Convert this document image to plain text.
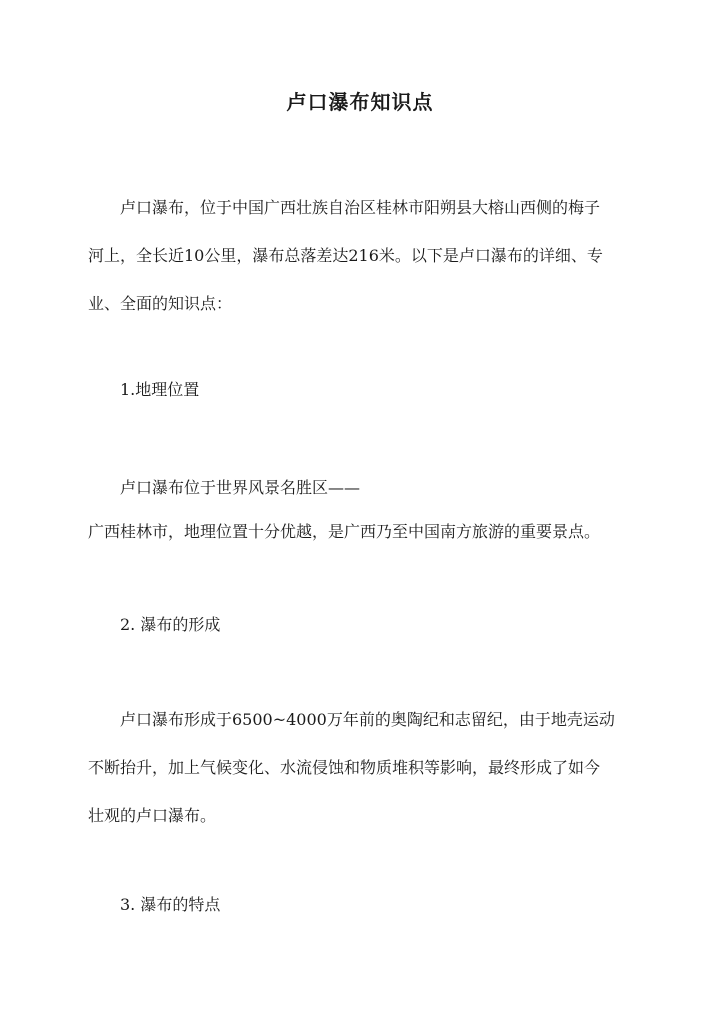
卢口瀑布知识点

卢口瀑布，位于中国广西壮族自治区桂林市阳朔县大榕山西侧的梅子
河上，全长近10公里，瀑布总落差达216米。以下是卢口瀑布的详细、专
业、全面的知识点：

1.地理位置

卢口瀑布位于世界风景名胜区——
广西桂林市，地理位置十分优越，是广西乃至中国南方旅游的重要景点。

2. 瀑布的形成

卢口瀑布形成于6500~4000万年前的奥陶纪和志留纪，由于地壳运动
不断抬升，加上气候变化、水流侵蚀和物质堆积等影响，最终形成了如今
壮观的卢口瀑布。

3. 瀑布的特点
